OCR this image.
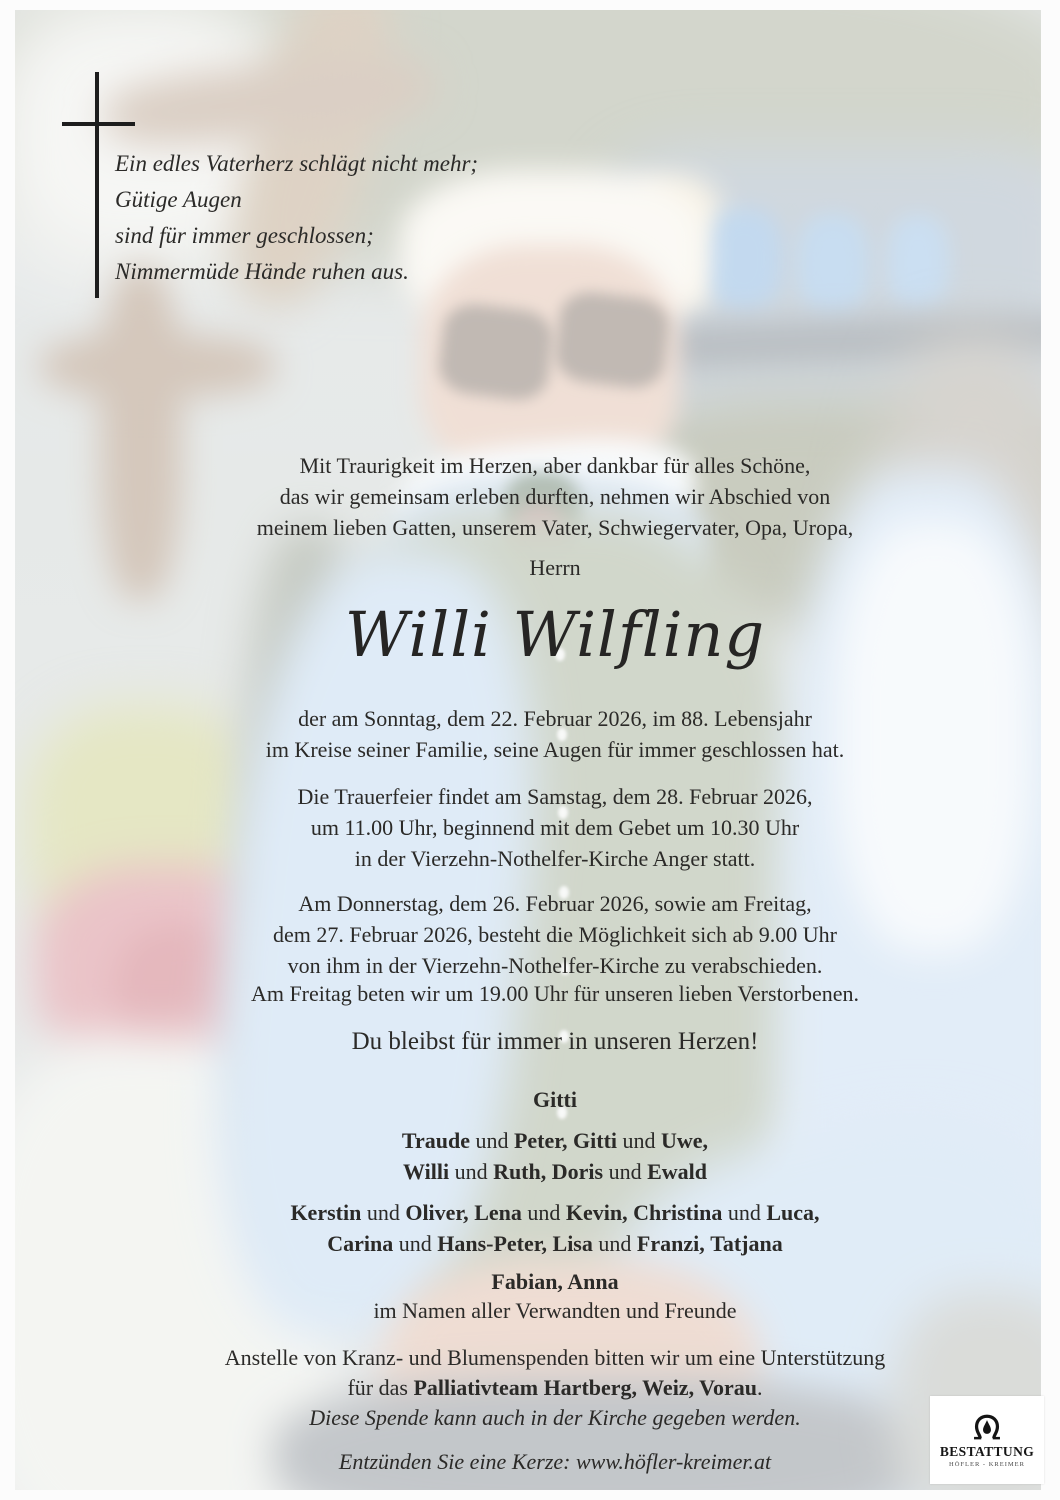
Ein edles Vaterherz schlägt nicht mehr;
Gütige Augen
sind für immer geschlossen;
Nimmermüde Hände ruhen aus.
Mit Traurigkeit im Herzen, aber dankbar für alles Schöne,
das wir gemeinsam erleben durften, nehmen wir Abschied von
meinem lieben Gatten, unserem Vater, Schwiegervater, Opa, Uropa,
Herrn
Willi Wilfling
der am Sonntag, dem 22. Februar 2026, im 88. Lebensjahr
im Kreise seiner Familie, seine Augen für immer geschlossen hat.
Die Trauerfeier findet am Samstag, dem 28. Februar 2026,
um 11.00 Uhr, beginnend mit dem Gebet um 10.30 Uhr
in der Vierzehn-Nothelfer-Kirche Anger statt.
Am Donnerstag, dem 26. Februar 2026, sowie am Freitag,
dem 27. Februar 2026, besteht die Möglichkeit sich ab 9.00 Uhr
von ihm in der Vierzehn-Nothelfer-Kirche zu verabschieden.
Am Freitag beten wir um 19.00 Uhr für unseren lieben Verstorbenen.
Du bleibst für immer in unseren Herzen!
Gitti
Traude und Peter, Gitti und Uwe,
Willi und Ruth, Doris und Ewald
Kerstin und Oliver, Lena und Kevin, Christina und Luca,
Carina und Hans-Peter, Lisa und Franzi, Tatjana
Fabian, Anna
im Namen aller Verwandten und Freunde
Anstelle von Kranz- und Blumenspenden bitten wir um eine Unterstützung
für das Palliativteam Hartberg, Weiz, Vorau.
Diese Spende kann auch in der Kirche gegeben werden.
Entzünden Sie eine Kerze: www.höfler-kreimer.at	BESTATTUNG
HÖFLER - KREIMER
